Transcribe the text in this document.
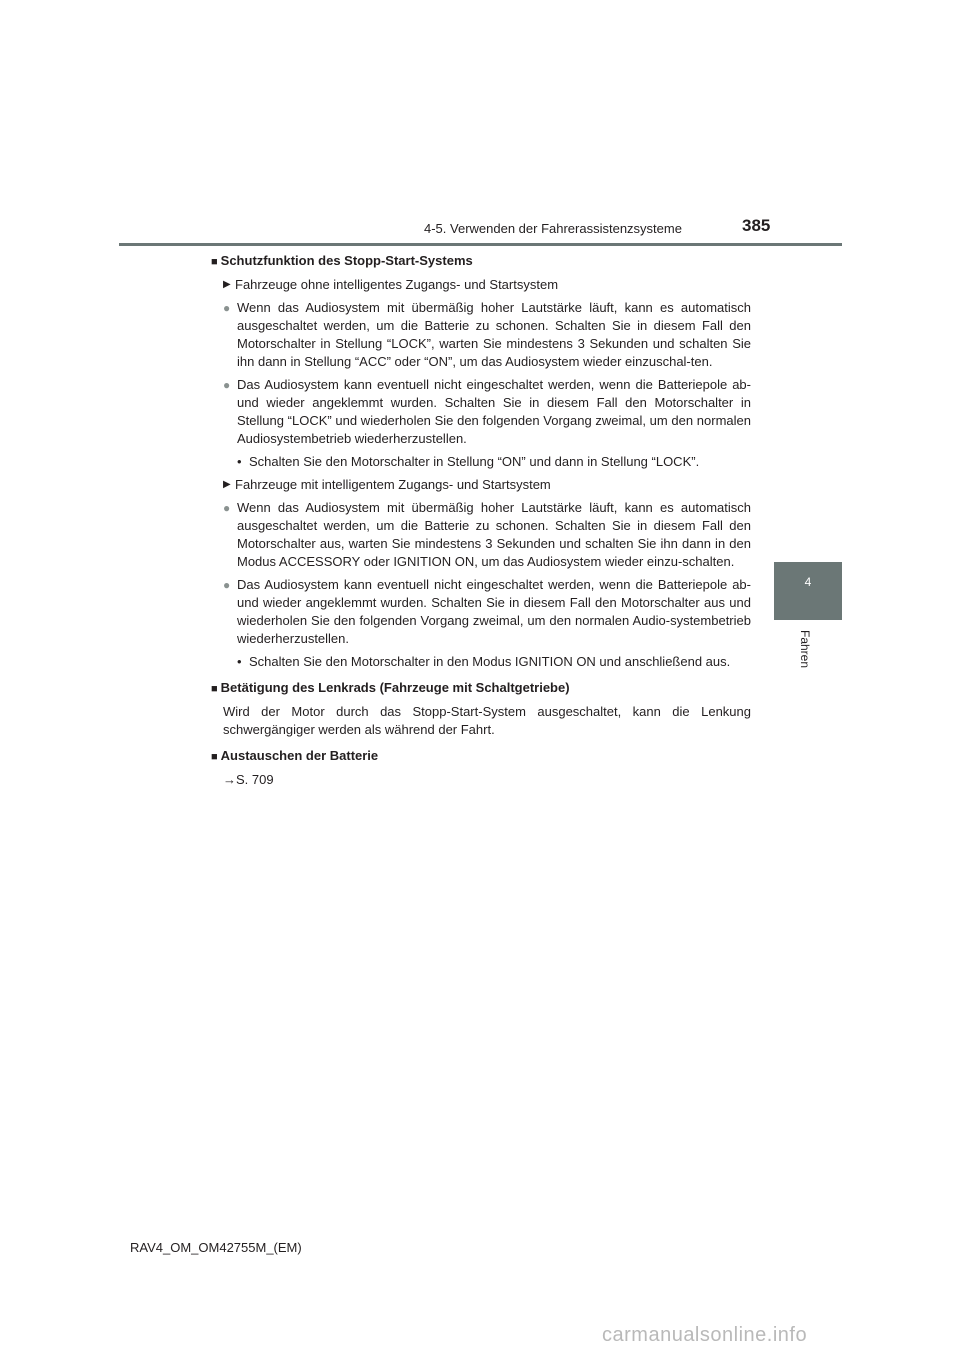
4-5. Verwenden der Fahrerassistenzsysteme	385
4
Fahren
■ Schutzfunktion des Stopp-Start-Systems
▶ Fahrzeuge ohne intelligentes Zugangs- und Startsystem
● Wenn das Audiosystem mit übermäßig hoher Lautstärke läuft, kann es automatisch ausgeschaltet werden, um die Batterie zu schonen. Schalten Sie in diesem Fall den Motorschalter in Stellung “LOCK”, warten Sie mindestens 3 Sekunden und schalten Sie ihn dann in Stellung “ACC” oder “ON”, um das Audiosystem wieder einzuschal-ten.

● Das Audiosystem kann eventuell nicht eingeschaltet werden, wenn die Batteriepole ab- und wieder angeklemmt wurden. Schalten Sie in diesem Fall den Motorschalter in Stellung “LOCK” und wiederholen Sie den folgenden Vorgang zweimal, um den normalen Audiosystembetrieb wiederherzustellen.

• Schalten Sie den Motorschalter in Stellung “ON” und dann in Stellung “LOCK”.

▶ Fahrzeuge mit intelligentem Zugangs- und Startsystem
● Wenn das Audiosystem mit übermäßig hoher Lautstärke läuft, kann es automatisch ausgeschaltet werden, um die Batterie zu schonen. Schalten Sie in diesem Fall den Motorschalter aus, warten Sie mindestens 3 Sekunden und schalten Sie ihn dann in den Modus ACCESSORY oder IGNITION ON, um das Audiosystem wieder einzu-schalten.

● Das Audiosystem kann eventuell nicht eingeschaltet werden, wenn die Batteriepole ab- und wieder angeklemmt wurden. Schalten Sie in diesem Fall den Motorschalter aus und wiederholen Sie den folgenden Vorgang zweimal, um den normalen Audio-systembetrieb wiederherzustellen.

• Schalten Sie den Motorschalter in den Modus IGNITION ON und anschließend aus.

■ Betätigung des Lenkrads (Fahrzeuge mit Schaltgetriebe)

Wird der Motor durch das Stopp-Start-System ausgeschaltet, kann die Lenkung schwergängiger werden als während der Fahrt.

■ Austauschen der Batterie
→S. 709
RAV4_OM_OM42755M_(EM)
carmanualsonline.info
